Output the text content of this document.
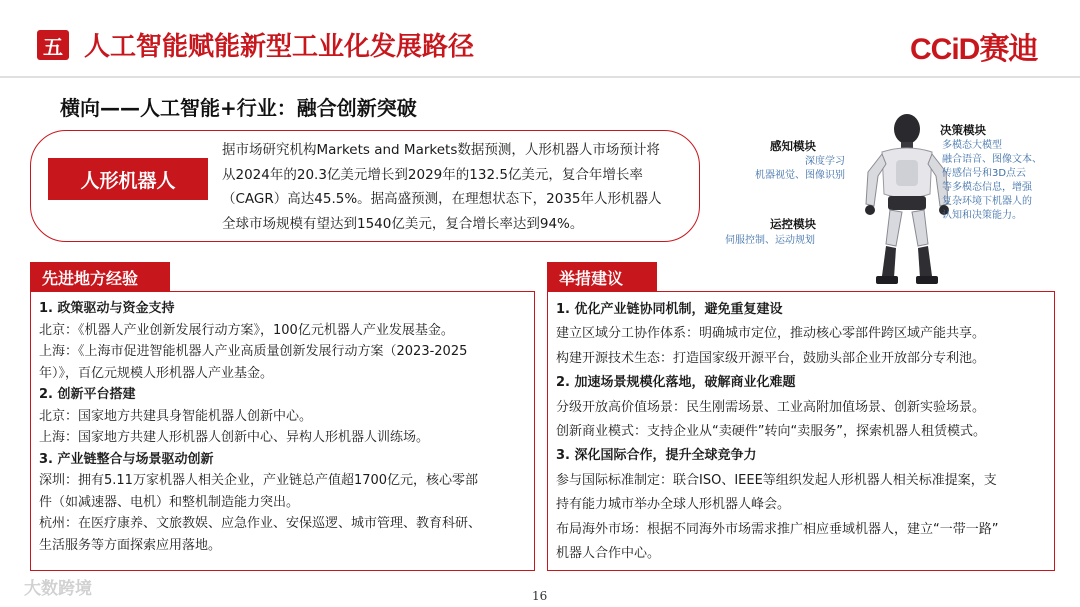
五 人工智能赋能新型工业化发展路径	CCiD赛迪
横向——人工智能+行业：融合创新突破
人形机器人
据市场研究机构Markets and Markets数据预测，人形机器人市场预计将
从2024年的20.3亿美元增长到2029年的132.5亿美元，复合年增长率
（CAGR）高达45.5%。据高盛预测，在理想状态下，2035年人形机器人
全球市场规模有望达到1540亿美元，复合增长率达到94%。
感知模块
深度学习
机器视觉、图像识别
运控模块
伺服控制、运动规划
决策模块
多模态大模型
融合语音、图像文本、
传感信号和3D点云
等多模态信息，增强
复杂环境下机器人的
认知和决策能力。
先进地方经验
1. 政策驱动与资金支持
北京：《机器人产业创新发展行动方案》，100亿元机器人产业发展基金。
上海：《上海市促进智能机器人产业高质量创新发展行动方案（2023-2025
年）》，百亿元规模人形机器人产业基金。
2. 创新平台搭建
北京：国家地方共建具身智能机器人创新中心。
上海：国家地方共建人形机器人创新中心、异构人形机器人训练场。
3. 产业链整合与场景驱动创新
深圳：拥有5.11万家机器人相关企业，产业链总产值超1700亿元，核心零部
件（如减速器、电机）和整机制造能力突出。
杭州：在医疗康养、文旅教娱、应急作业、安保巡逻、城市管理、教育科研、
生活服务等方面探索应用落地。
举措建议
1. 优化产业链协同机制，避免重复建设
建立区域分工协作体系：明确城市定位，推动核心零部件跨区域产能共享。
构建开源技术生态：打造国家级开源平台，鼓励头部企业开放部分专利池。
2. 加速场景规模化落地，破解商业化难题
分级开放高价值场景：民生刚需场景、工业高附加值场景、创新实验场景。
创新商业模式：支持企业从“卖硬件”转向“卖服务”，探索机器人租赁模式。
3. 深化国际合作，提升全球竞争力
参与国际标准制定：联合ISO、IEEE等组织发起人形机器人相关标准提案，支
持有能力城市举办全球人形机器人峰会。
布局海外市场：根据不同海外市场需求推广相应垂域机器人，建立“一带一路”
机器人合作中心。
大数跨境	16
